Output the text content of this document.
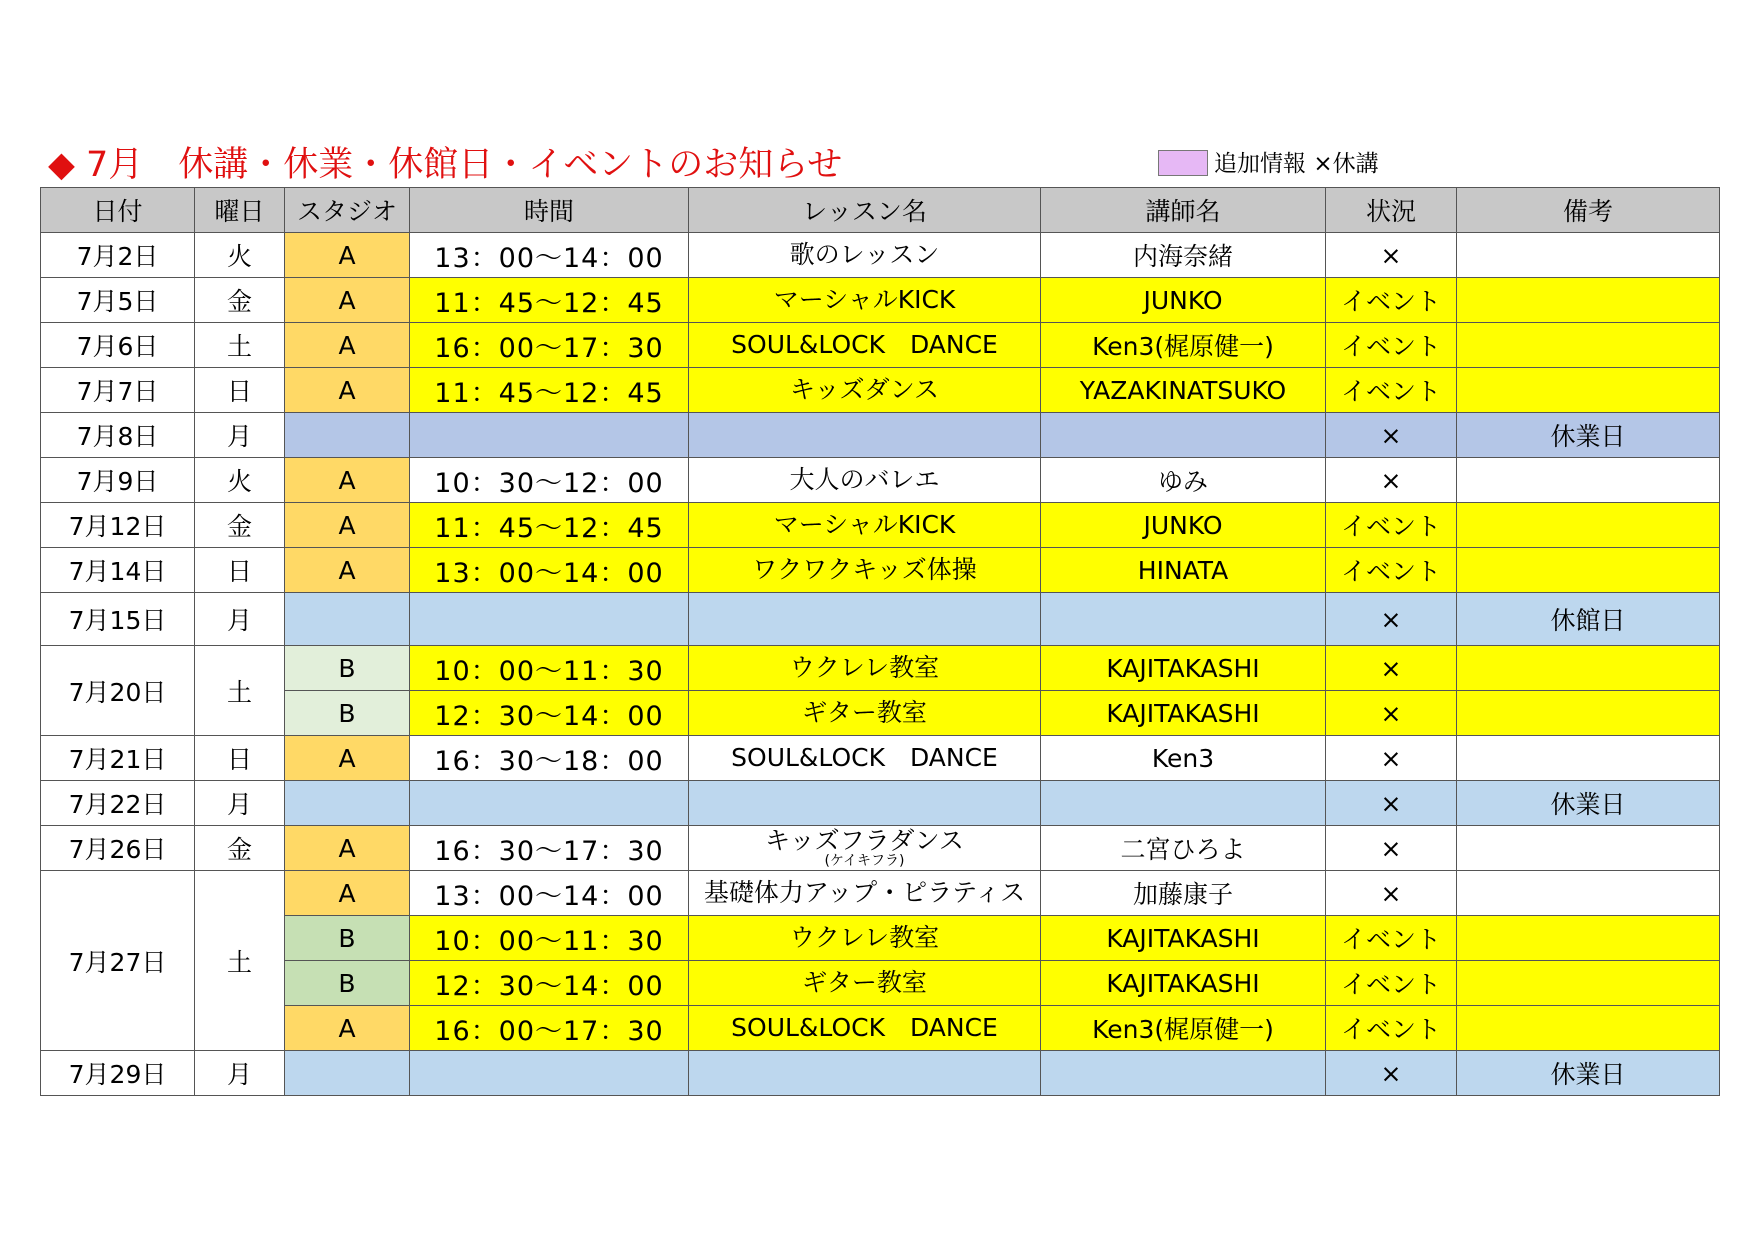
◆ 7月　休講・休業・休館日・イベントのお知らせ	追加情報 ×休講
日付	曜日	スタジオ	時間	レッスン名	講師名	状況	備考
7月2日	火	A	13：00〜14：00	歌のレッスン	内海奈緒	×	
7月5日	金	A	11：45〜12：45	マーシャルKICK	JUNKO	イベント	
7月6日	土	A	16：00〜17：30	SOUL&LOCK　DANCE	Ken3(梶原健一)	イベント	
7月7日	日	A	11：45〜12：45	キッズダンス	YAZAKINATSUKO	イベント	
7月8日	月					×	休業日
7月9日	火	A	10：30〜12：00	大人のバレエ	ゆみ	×	
7月12日	金	A	11：45〜12：45	マーシャルKICK	JUNKO	イベント	
7月14日	日	A	13：00〜14：00	ワクワクキッズ体操	HINATA	イベント	
7月15日	月					×	休館日
7月20日	土	B	10：00〜11：30	ウクレレ教室	KAJITAKASHI	×	
		B	12：30〜14：00	ギター教室	KAJITAKASHI	×	
7月21日	日	A	16：30〜18：00	SOUL&LOCK　DANCE	Ken3	×	
7月22日	月					×	休業日
7月26日	金	A	16：30〜17：30	キッズフラダンス
(ケイキフラ)	二宮ひろよ	×	
7月27日	土	A	13：00〜14：00	基礎体力アップ・ピラティス	加藤康子	×	
		B	10：00〜11：30	ウクレレ教室	KAJITAKASHI	イベント	
		B	12：30〜14：00	ギター教室	KAJITAKASHI	イベント	
		A	16：00〜17：30	SOUL&LOCK　DANCE	Ken3(梶原健一)	イベント	
7月29日	月					×	休業日
